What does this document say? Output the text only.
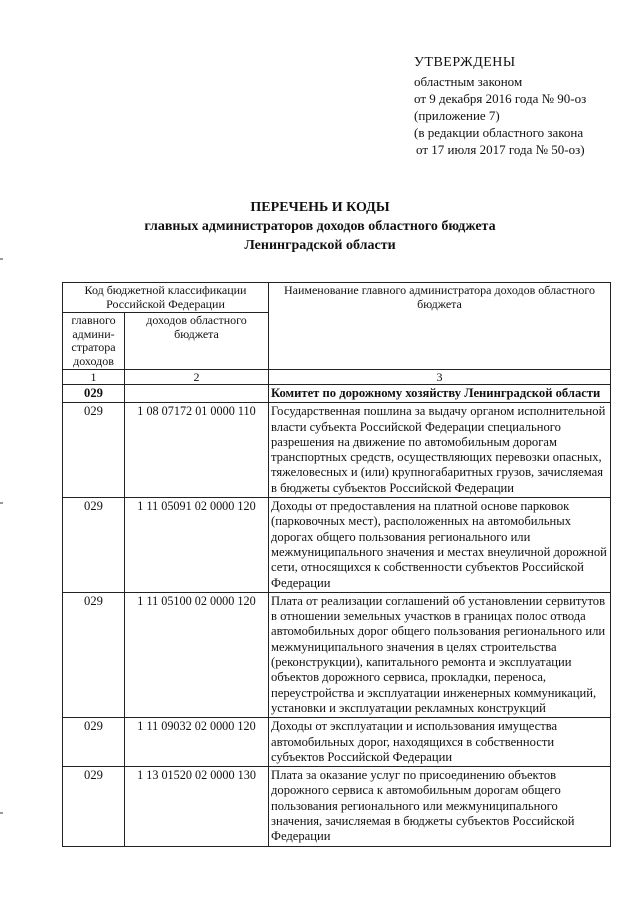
УТВЕРЖДЕНЫ
областным законом
от 9 декабря 2016 года № 90-оз
(приложение 7)
(в редакции областного закона
от 17 июля 2017 года № 50-оз)
ПЕРЕЧЕНЬ И КОДЫ
главных администраторов доходов областного бюджета
Ленинградской области
Код бюджетной классификации Российской Федерации		Наименование главного администратора доходов областного бюджета
главного админи-стратора доходов	доходов областного бюджета	
1	2	3
029		Комитет по дорожному хозяйству Ленинградской области
029	1 08 07172 01 0000 110	Государственная пошлина за выдачу органом исполнительной власти субъекта Российской Федерации специального разрешения на движение по автомобильным дорогам транспортных средств, осуществляющих перевозки опасных, тяжеловесных и (или) крупногабаритных грузов, зачисляемая в бюджеты субъектов Российской Федерации
029	1 11 05091 02 0000 120	Доходы от предоставления на платной основе парковок (парковочных мест), расположенных на автомобильных дорогах общего пользования регионального или межмуниципального значения и местах внеуличной дорожной сети, относящихся к собственности субъектов Российской Федерации
029	1 11 05100 02 0000 120	Плата от реализации соглашений об установлении сервитутов в отношении земельных участков в границах полос отвода автомобильных дорог общего пользования регионального или межмуниципального значения в целях строительства (реконструкции), капитального ремонта и эксплуатации объектов дорожного сервиса, прокладки, переноса, переустройства и эксплуатации инженерных коммуникаций, установки и эксплуатации рекламных конструкций
029	1 11 09032 02 0000 120	Доходы от эксплуатации и использования имущества автомобильных дорог, находящихся в собственности субъектов Российской Федерации
029	1 13 01520 02 0000 130	Плата за оказание услуг по присоединению объектов дорожного сервиса к автомобильным дорогам общего пользования регионального или межмуниципального значения, зачисляемая в бюджеты субъектов Российской Федерации
